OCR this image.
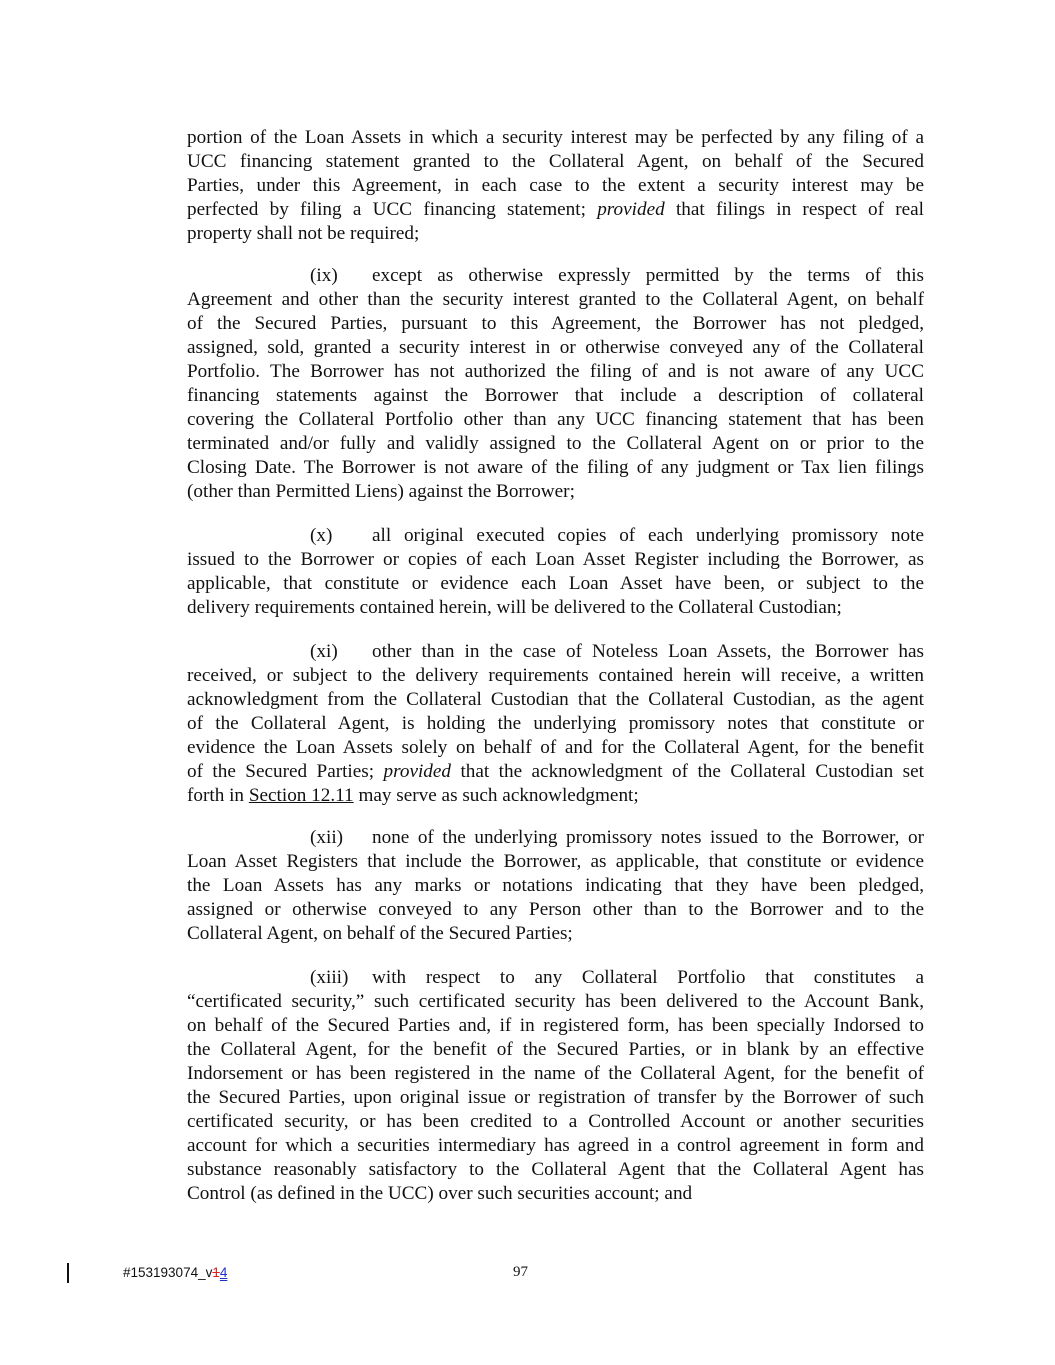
portion of the Loan Assets in which a security interest may be perfected by any filing of a
UCC financing statement granted to the Collateral Agent, on behalf of the Secured
Parties, under this Agreement, in each case to the extent a security interest may be
perfected by filing a UCC financing statement; provided that filings in respect of real
property shall not be required;
(ix) except as otherwise expressly permitted by the terms of this
Agreement and other than the security interest granted to the Collateral Agent, on behalf
of the Secured Parties, pursuant to this Agreement, the Borrower has not pledged,
assigned, sold, granted a security interest in or otherwise conveyed any of the Collateral
Portfolio. The Borrower has not authorized the filing of and is not aware of any UCC
financing statements against the Borrower that include a description of collateral
covering the Collateral Portfolio other than any UCC financing statement that has been
terminated and/or fully and validly assigned to the Collateral Agent on or prior to the
Closing Date. The Borrower is not aware of the filing of any judgment or Tax lien filings
(other than Permitted Liens) against the Borrower;
(x) all original executed copies of each underlying promissory note
issued to the Borrower or copies of each Loan Asset Register including the Borrower, as
applicable, that constitute or evidence each Loan Asset have been, or subject to the
delivery requirements contained herein, will be delivered to the Collateral Custodian;
(xi) other than in the case of Noteless Loan Assets, the Borrower has
received, or subject to the delivery requirements contained herein will receive, a written
acknowledgment from the Collateral Custodian that the Collateral Custodian, as the agent
of the Collateral Agent, is holding the underlying promissory notes that constitute or
evidence the Loan Assets solely on behalf of and for the Collateral Agent, for the benefit
of the Secured Parties; provided that the acknowledgment of the Collateral Custodian set
forth in Section 12.11 may serve as such acknowledgment;
(xii) none of the underlying promissory notes issued to the Borrower, or
Loan Asset Registers that include the Borrower, as applicable, that constitute or evidence
the Loan Assets has any marks or notations indicating that they have been pledged,
assigned or otherwise conveyed to any Person other than to the Borrower and to the
Collateral Agent, on behalf of the Secured Parties;
(xiii) with respect to any Collateral Portfolio that constitutes a
“certificated security,” such certificated security has been delivered to the Account Bank,
on behalf of the Secured Parties and, if in registered form, has been specially Indorsed to
the Collateral Agent, for the benefit of the Secured Parties, or in blank by an effective
Indorsement or has been registered in the name of the Collateral Agent, for the benefit of
the Secured Parties, upon original issue or registration of transfer by the Borrower of such
certificated security, or has been credited to a Controlled Account or another securities
account for which a securities intermediary has agreed in a control agreement in form and
substance reasonably satisfactory to the Collateral Agent that the Collateral Agent has
Control (as defined in the UCC) over such securities account; and
#153193074_v14	97
